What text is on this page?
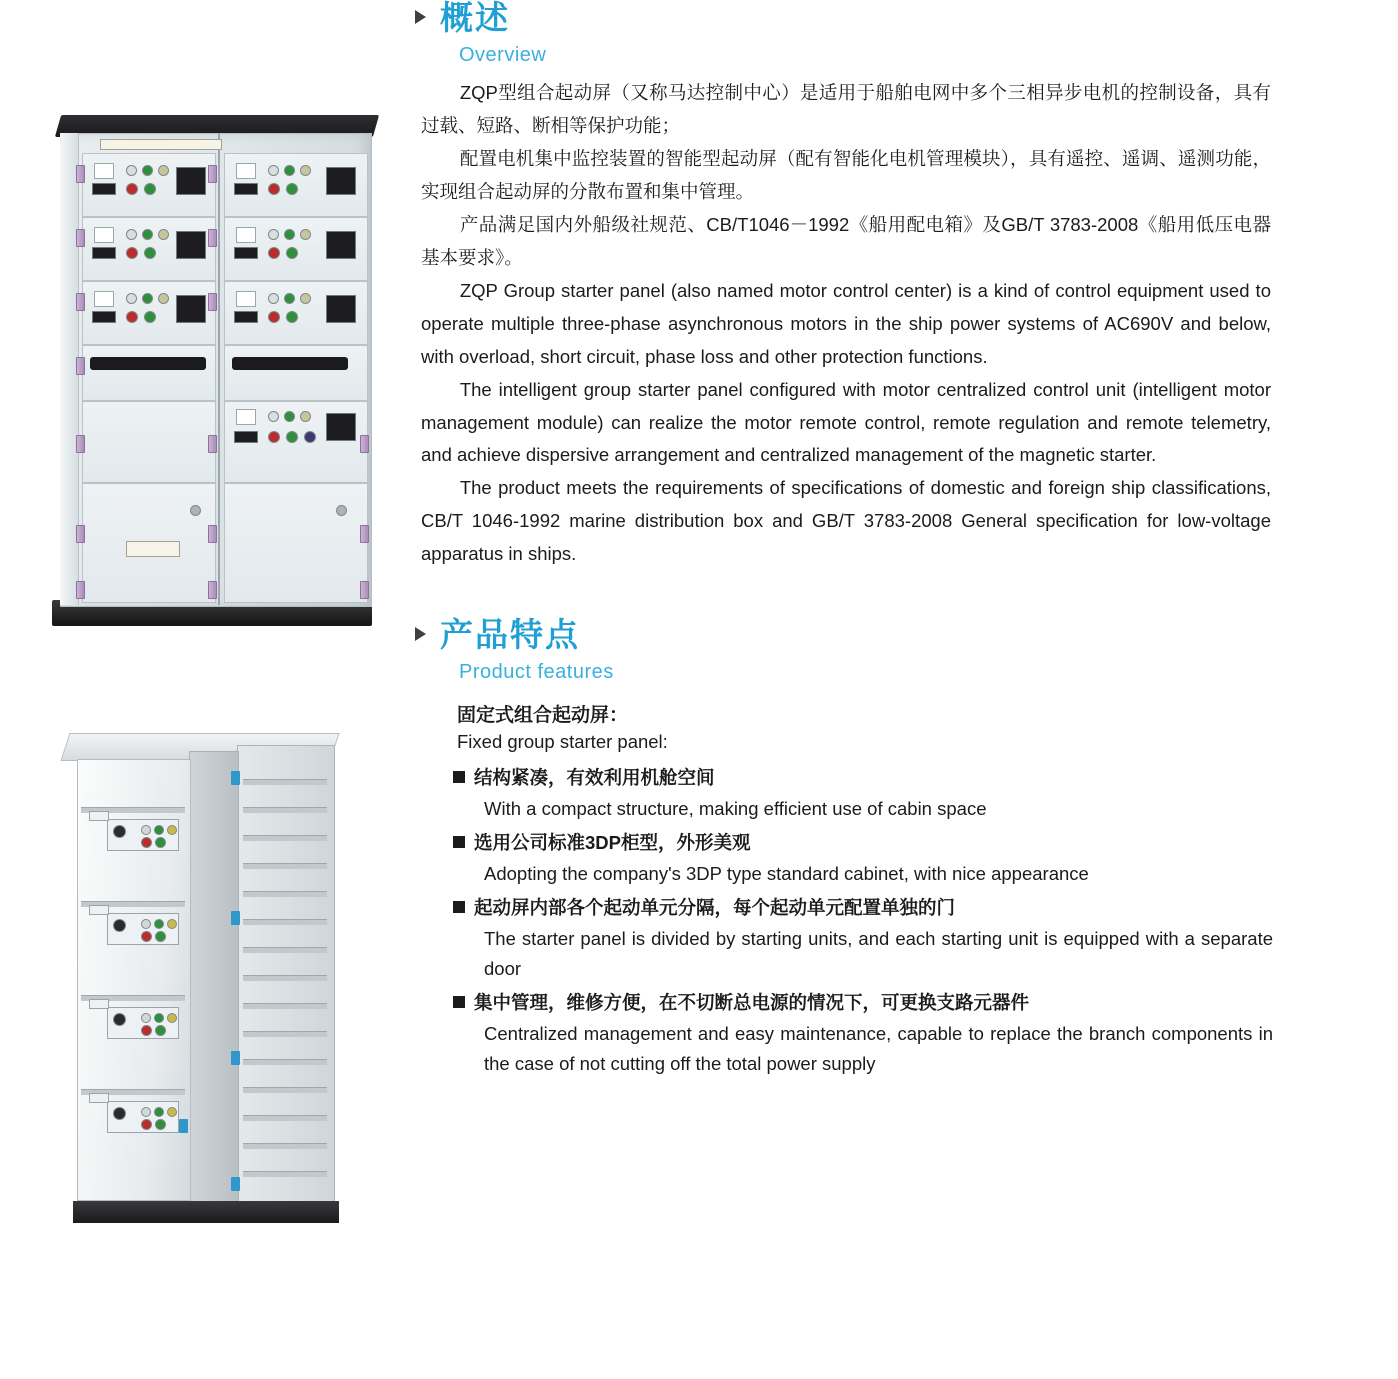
概述
Overview

ZQP型组合起动屏（又称马达控制中心）是适用于船舶电网中多个三相异步电机的控制设备，具有过载、短路、断相等保护功能；

配置电机集中监控装置的智能型起动屏（配有智能化电机管理模块），具有遥控、遥调、遥测功能，实现组合起动屏的分散布置和集中管理。

产品满足国内外船级社规范、CB/T1046－1992《船用配电箱》及GB/T 3783-2008《船用低压电器基本要求》。

ZQP Group starter panel (also named motor control center) is a kind of control equipment used to operate multiple three-phase asynchronous motors in the ship power systems of AC690V and below, with overload, short circuit, phase loss and other protection functions.

The intelligent group starter panel configured with motor centralized control unit (intelligent motor management module) can realize the motor remote control, remote regulation and remote telemetry, and achieve dispersive arrangement and centralized management of the magnetic starter.

The product meets the requirements of specifications of domestic and foreign ship classifications, CB/T 1046-1992 marine distribution box and GB/T 3783-2008 General specification for low-voltage apparatus in ships.

产品特点
Product features
固定式组合起动屏：
Fixed group starter panel:
结构紧凑，有效利用机舱空间
With a compact structure, making efficient use of cabin space
选用公司标准3DP柜型，外形美观
Adopting the company's 3DP type standard cabinet, with nice appearance
起动屏内部各个起动单元分隔，每个起动单元配置单独的门
The starter panel is divided by starting units, and each starting unit is equipped with a separate door
集中管理，维修方便，在不切断总电源的情况下，可更换支路元器件
Centralized management and easy maintenance, capable to replace the branch components in the case of not cutting off the total power supply
